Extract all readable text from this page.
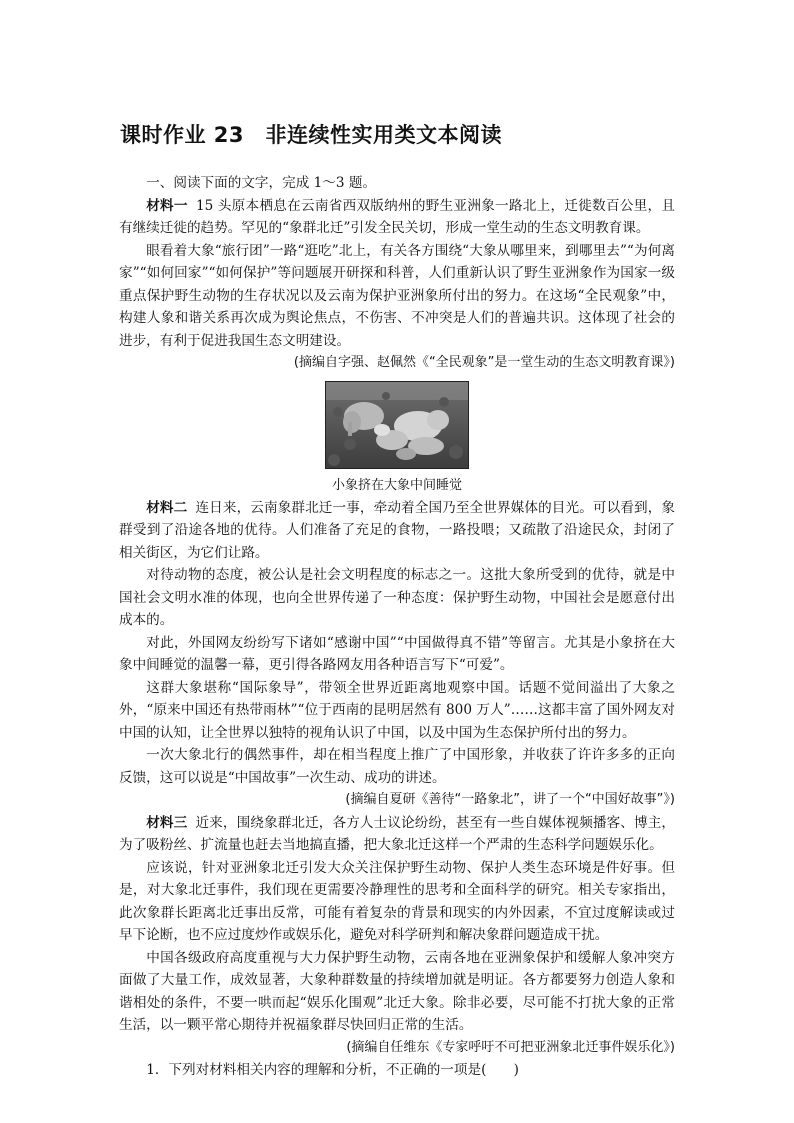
课时作业 23　非连续性实用类文本阅读

一、阅读下面的文字，完成 1～3 题。

材料一 15 头原本栖息在云南省西双版纳州的野生亚洲象一路北上，迁徙数百公里，且有继续迁徙的趋势。罕见的“象群北迁”引发全民关切，形成一堂生动的生态文明教育课。

眼看着大象“旅行团”一路“逛吃”北上，有关各方围绕“大象从哪里来，到哪里去”“为何离家”“如何回家”“如何保护”等问题展开研探和科普，人们重新认识了野生亚洲象作为国家一级重点保护野生动物的生存状况以及云南为保护亚洲象所付出的努力。在这场“全民观象”中，构建人象和谐关系再次成为舆论焦点，不伤害、不冲突是人们的普遍共识。这体现了社会的进步，有利于促进我国生态文明建设。

(摘编自字强、赵佩然《“全民观象”是一堂生动的生态文明教育课》)

小象挤在大象中间睡觉

材料二 连日来，云南象群北迁一事，牵动着全国乃至全世界媒体的目光。可以看到，象群受到了沿途各地的优待。人们准备了充足的食物，一路投喂；又疏散了沿途民众，封闭了相关街区，为它们让路。

对待动物的态度，被公认是社会文明程度的标志之一。这批大象所受到的优待，就是中国社会文明水准的体现，也向全世界传递了一种态度：保护野生动物，中国社会是愿意付出成本的。

对此，外国网友纷纷写下诸如“感谢中国”“中国做得真不错”等留言。尤其是小象挤在大象中间睡觉的温馨一幕，更引得各路网友用各种语言写下“可爱”。

这群大象堪称“国际象导”，带领全世界近距离地观察中国。话题不觉间溢出了大象之外，“原来中国还有热带雨林”“位于西南的昆明居然有 800 万人”……这都丰富了国外网友对中国的认知，让全世界以独特的视角认识了中国，以及中国为生态保护所付出的努力。

一次大象北行的偶然事件，却在相当程度上推广了中国形象，并收获了许许多多的正向反馈，这可以说是“中国故事”一次生动、成功的讲述。

(摘编自夏研《善待“一路象北”，讲了一个“中国好故事”》)

材料三 近来，围绕象群北迁，各方人士议论纷纷，甚至有一些自媒体视频播客、博主，为了吸粉丝、扩流量也赶去当地搞直播，把大象北迁这样一个严肃的生态科学问题娱乐化。

应该说，针对亚洲象北迁引发大众关注保护野生动物、保护人类生态环境是件好事。但是，对大象北迁事件，我们现在更需要冷静理性的思考和全面科学的研究。相关专家指出，此次象群长距离北迁事出反常，可能有着复杂的背景和现实的内外因素，不宜过度解读或过早下论断，也不应过度炒作或娱乐化，避免对科学研判和解决象群问题造成干扰。

中国各级政府高度重视与大力保护野生动物，云南各地在亚洲象保护和缓解人象冲突方面做了大量工作，成效显著，大象种群数量的持续增加就是明证。各方都要努力创造人象和谐相处的条件，不要一哄而起“娱乐化围观”北迁大象。除非必要，尽可能不打扰大象的正常生活，以一颗平常心期待并祝福象群尽快回归正常的生活。

(摘编自任维东《专家呼吁不可把亚洲象北迁事件娱乐化》)

1．下列对材料相关内容的理解和分析，不正确的一项是(　　)
